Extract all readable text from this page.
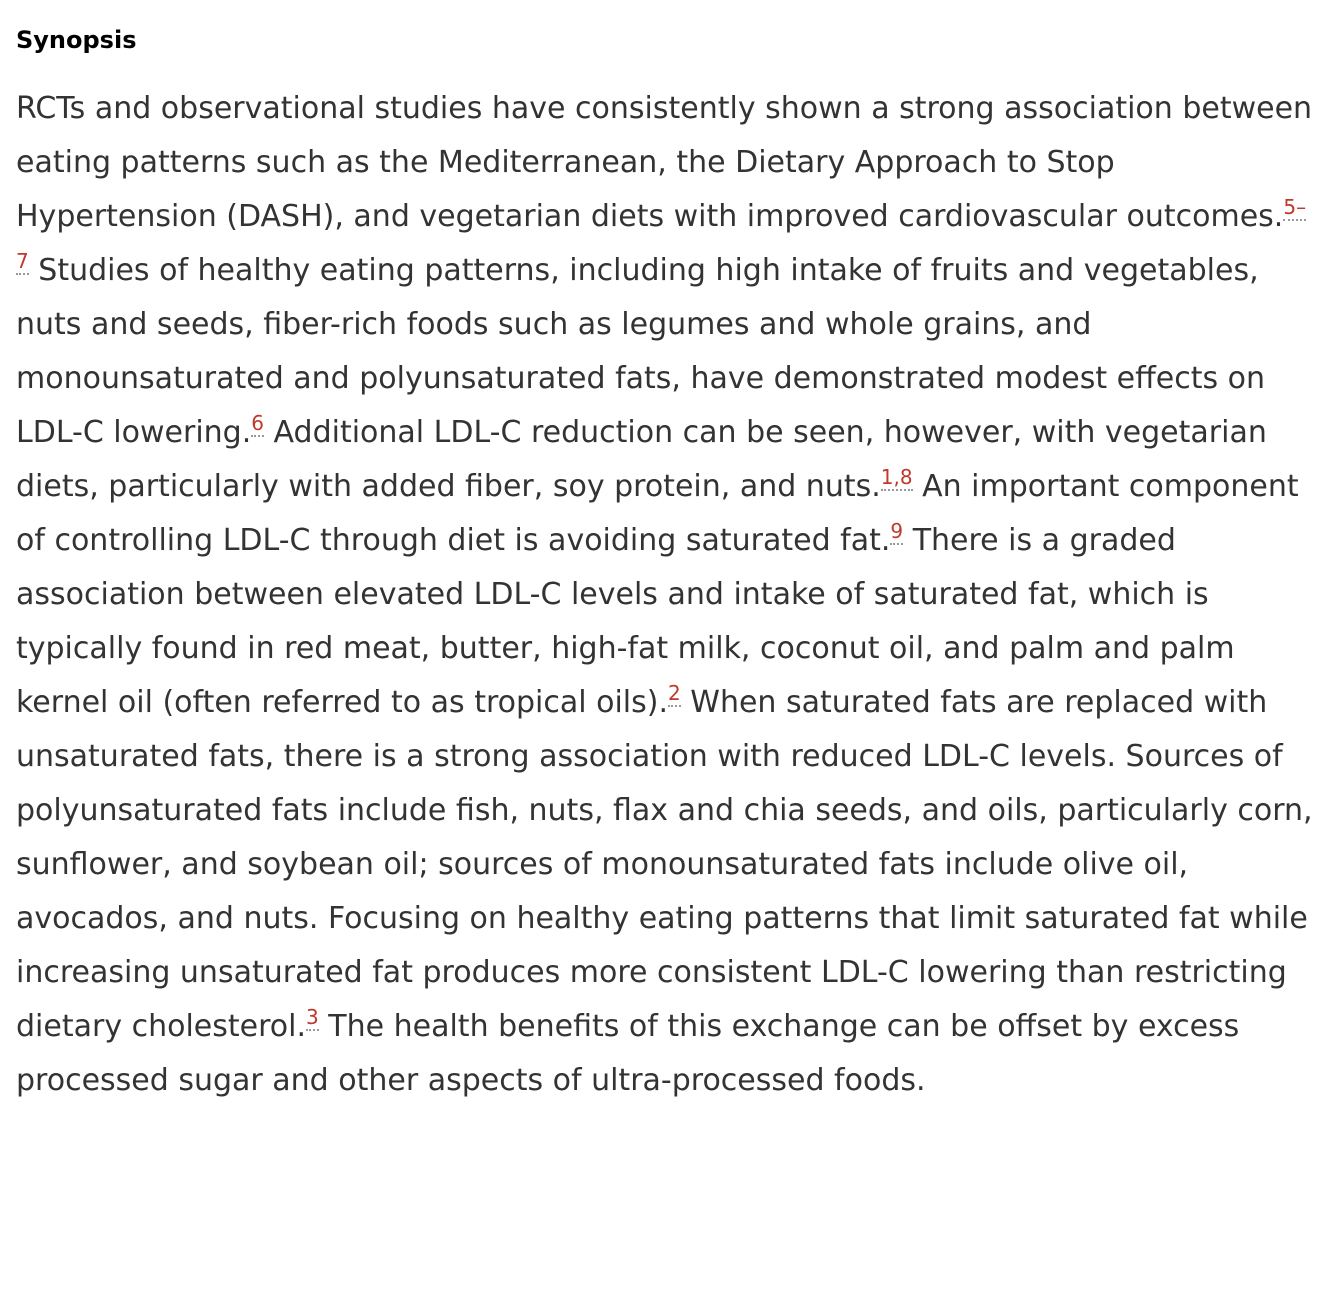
Synopsis

RCTs and observational studies have consistently shown a strong association between eating patterns such as the Mediterranean, the Dietary Approach to Stop Hypertension (DASH), and vegetarian diets with improved cardiovascular outcomes.$^{5-7}$ Studies of healthy eating patterns, including high intake of fruits and vegetables, nuts and seeds, fiber-rich foods such as legumes and whole grains, and monounsaturated and polyunsaturated fats, have demonstrated modest effects on LDL-C lowering.$^6$ Additional LDL-C reduction can be seen, however, with vegetarian diets, particularly with added fiber, soy protein, and nuts.$^{1,8}$ An important component of controlling LDL-C through diet is avoiding saturated fat.$^9$ There is a graded association between elevated LDL-C levels and intake of saturated fat, which is typically found in red meat, butter, high-fat milk, coconut oil, and palm and palm kernel oil (often referred to as tropical oils).$^2$ When saturated fats are replaced with unsaturated fats, there is a strong association with reduced LDL-C levels. Sources of polyunsaturated fats include fish, nuts, flax and chia seeds, and oils, particularly corn, sunflower, and soybean oil; sources of monounsaturated fats include olive oil, avocados, and nuts. Focusing on healthy eating patterns that limit saturated fat while increasing unsaturated fat produces more consistent LDL-C lowering than restricting dietary cholesterol.$^3$ The health benefits of this exchange can be offset by excess processed sugar and other aspects of ultra-processed foods.
